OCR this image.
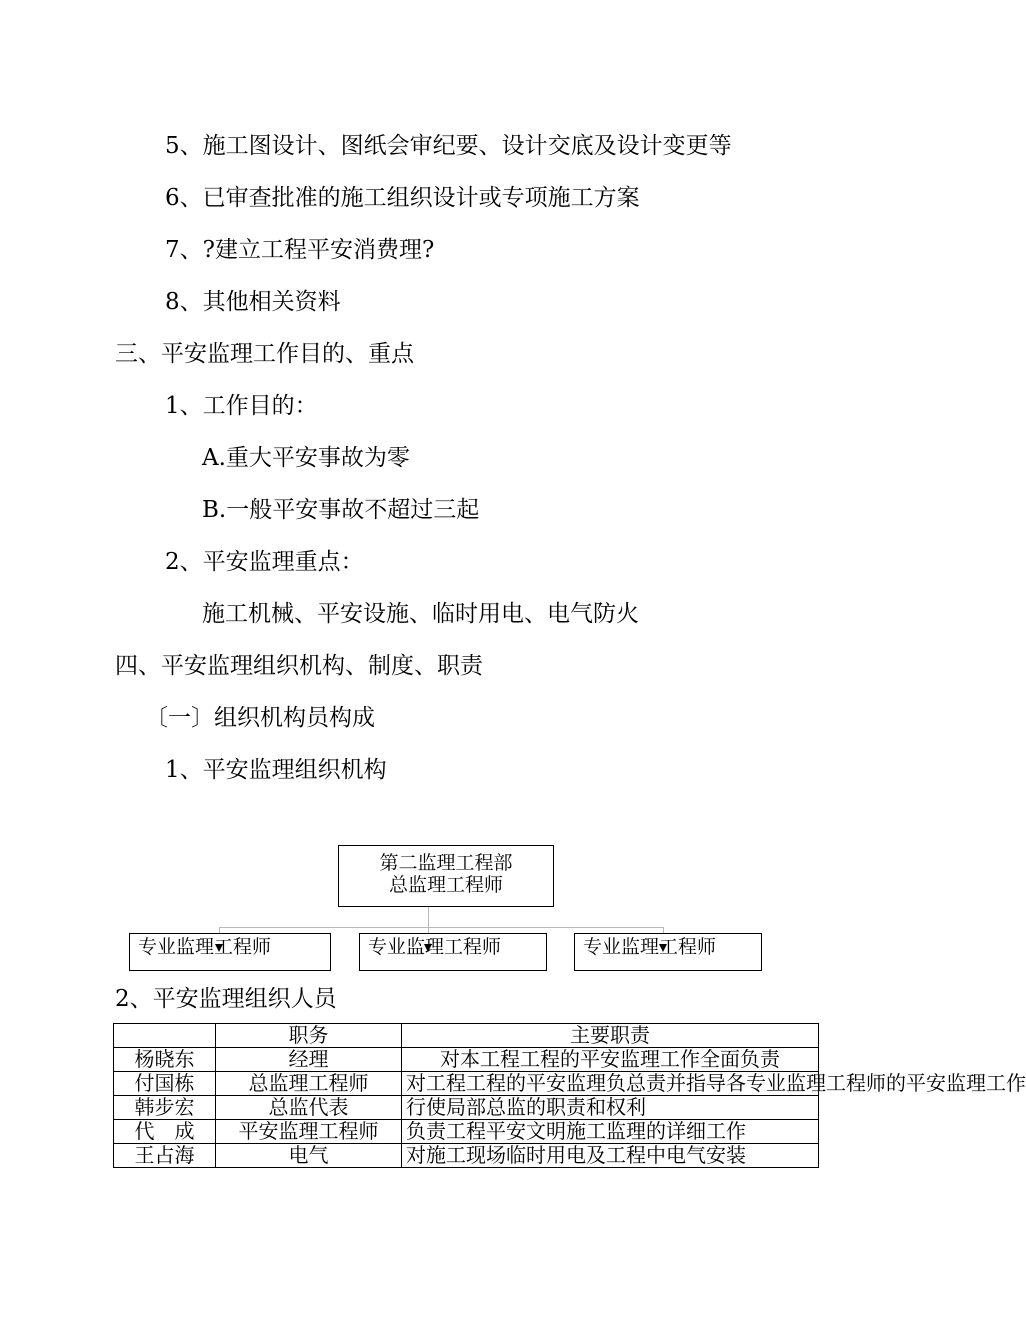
5、施工图设计、图纸会审纪要、设计交底及设计变更等
6、已审查批准的施工组织设计或专项施工方案
7、?建立工程平安消费理?
8、其他相关资料
三、平安监理工作目的、重点
1、工作目的：
A.重大平安事故为零
B.一般平安事故不超过三起
2、平安监理重点：
施工机械、平安设施、临时用电、电气防火
四、平安监理组织机构、制度、职责
〔一〕组织机构员构成
1、平安监理组织机构
第二监理工程部
总监理工程师
专业监理工程师	专业监理工程师	专业监理工程师
2、平安监理组织人员
	职务	主要职责
杨晓东	经理	对本工程工程的平安监理工作全面负责
付国栋	总监理工程师	对工程工程的平安监理负总责并指导各专业监理工程师的平安监理工作
韩步宏	总监代表	行使局部总监的职责和权利
代　成	平安监理工程师	负责工程平安文明施工监理的详细工作
王占海	电气	对施工现场临时用电及工程中电气安装
